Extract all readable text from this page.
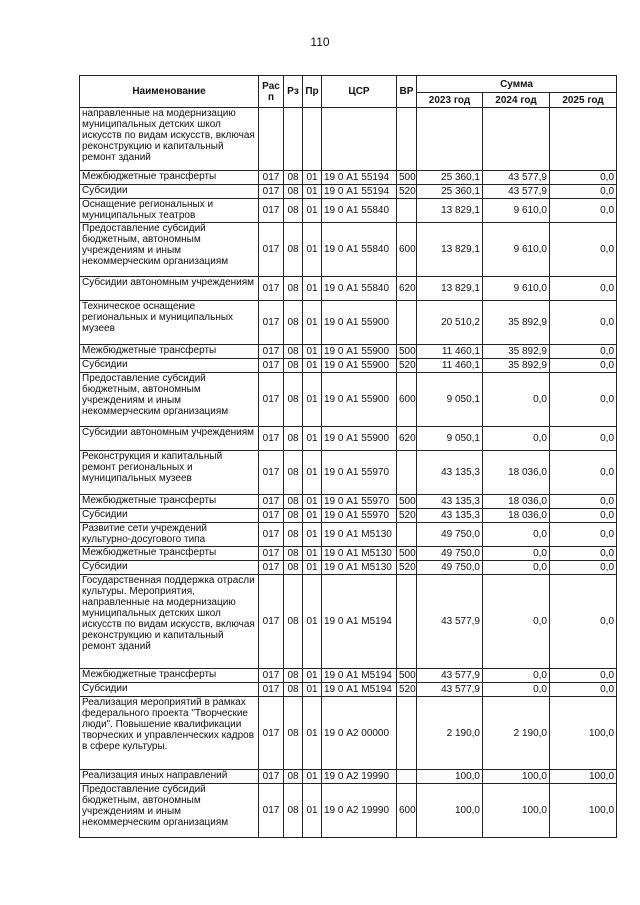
110
Наименование	Рас п	Рз	Пр	ЦСР	ВР	Сумма		
						2023 год	2024 год	2025 год
направленные на модернизацию муниципальных детских школ искусств по видам искусств, включая реконструкцию и капитальный ремонт зданий								
Межбюджетные трансферты	017	08	01	19 0 А1 55194	500	25 360,1	43 577,9	0,0
Субсидии	017	08	01	19 0 А1 55194	520	25 360,1	43 577,9	0,0
Оснащение региональных и муниципальных театров	017	08	01	19 0 А1 55840		13 829,1	9 610,0	0,0
Предоставление субсидий бюджетным, автономным учреждениям и иным некоммерческим организациям	017	08	01	19 0 А1 55840	600	13 829,1	9 610,0	0,0
Субсидии автономным учреждениям	017	08	01	19 0 А1 55840	620	13 829,1	9 610,0	0,0
Техническое оснащение региональных и муниципальных музеев	017	08	01	19 0 А1 55900		20 510,2	35 892,9	0,0
Межбюджетные трансферты	017	08	01	19 0 А1 55900	500	11 460,1	35 892,9	0,0
Субсидии	017	08	01	19 0 А1 55900	520	11 460,1	35 892,9	0,0
Предоставление субсидий бюджетным, автономным учреждениям и иным некоммерческим организациям	017	08	01	19 0 А1 55900	600	9 050,1	0,0	0,0
Субсидии автономным учреждениям	017	08	01	19 0 А1 55900	620	9 050,1	0,0	0,0
Реконструкция и капитальный ремонт региональных и муниципальных музеев	017	08	01	19 0 А1 55970		43 135,3	18 036,0	0,0
Межбюджетные трансферты	017	08	01	19 0 А1 55970	500	43 135,3	18 036,0	0,0
Субсидии	017	08	01	19 0 А1 55970	520	43 135,3	18 036,0	0,0
Развитие сети учреждений культурно-досугового типа	017	08	01	19 0 А1 М5130		49 750,0	0,0	0,0
Межбюджетные трансферты	017	08	01	19 0 А1 М5130	500	49 750,0	0,0	0,0
Субсидии	017	08	01	19 0 А1 М5130	520	49 750,0	0,0	0,0
Государственная поддержка отрасли культуры. Мероприятия, направленные на модернизацию муниципальных детских школ искусств по видам искусств, включая реконструкцию и капитальный ремонт зданий	017	08	01	19 0 А1 М5194		43 577,9	0,0	0,0
Межбюджетные трансферты	017	08	01	19 0 А1 М5194	500	43 577,9	0,0	0,0
Субсидии	017	08	01	19 0 А1 М5194	520	43 577,9	0,0	0,0
Реализация мероприятий в рамках федерального проекта "Творческие люди". Повышение квалификации творческих и управленческих кадров в сфере культуры.	017	08	01	19 0 А2 00000		2 190,0	2 190,0	100,0
Реализация иных направлений	017	08	01	19 0 А2 19990		100,0	100,0	100,0
Предоставление субсидий бюджетным, автономным учреждениям и иным некоммерческим организациям	017	08	01	19 0 А2 19990	600	100,0	100,0	100,0
